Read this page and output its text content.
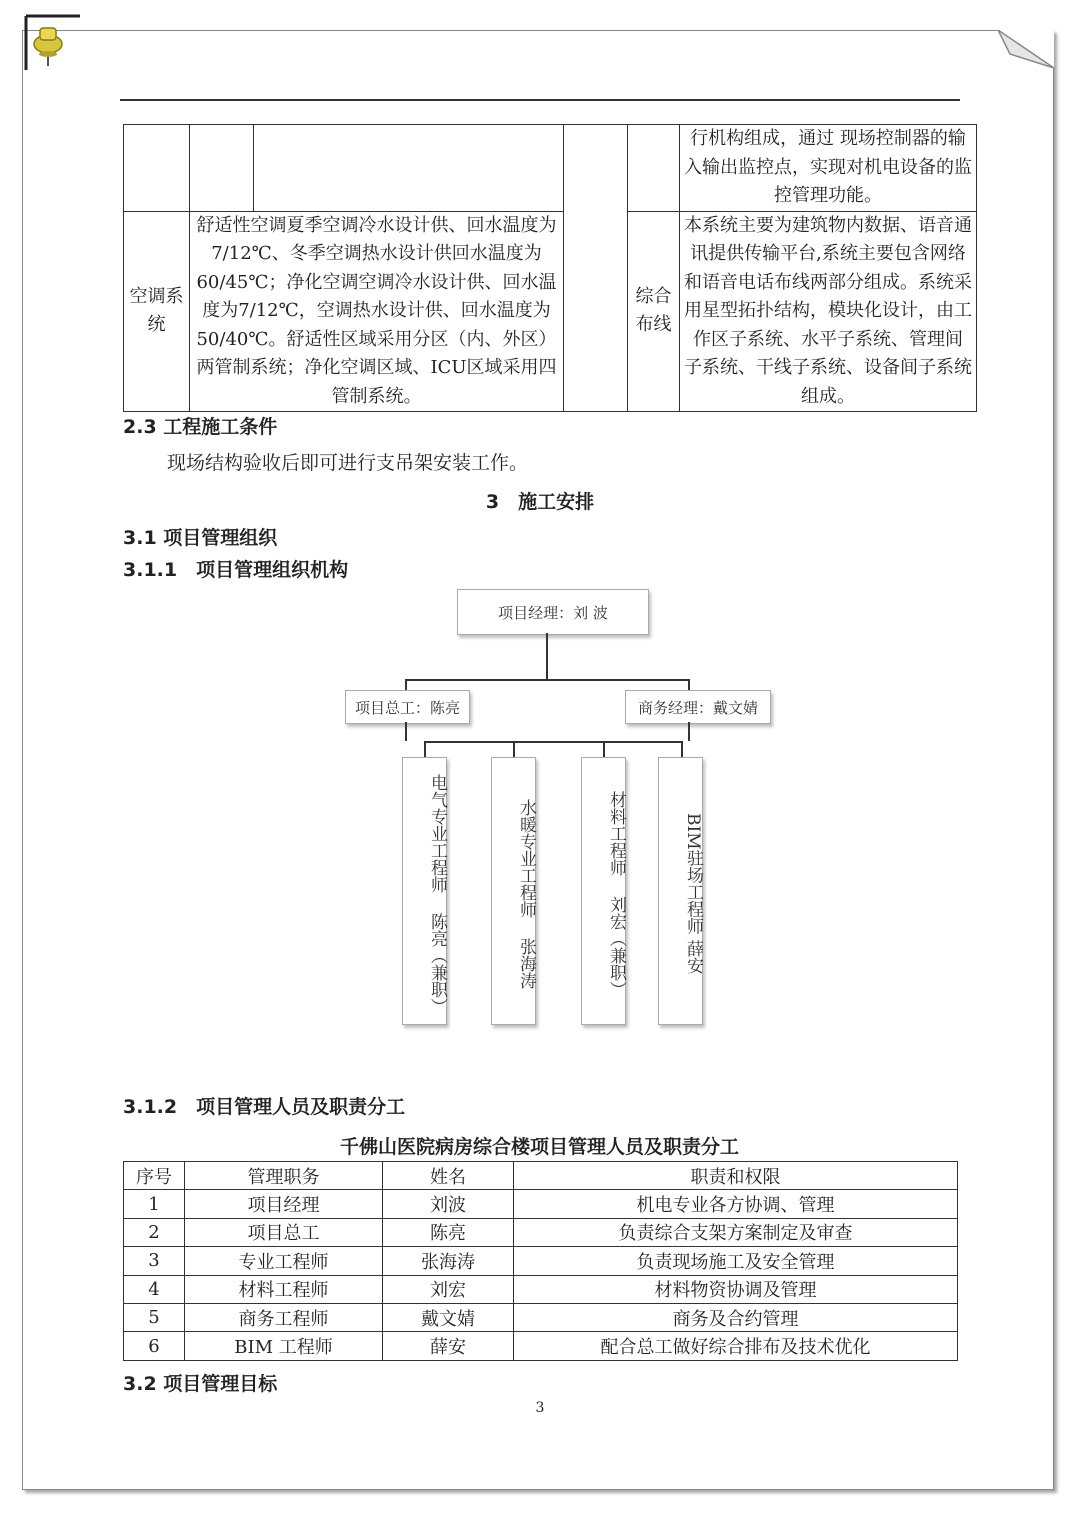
					行机构组成，通过 现场控制器的输入输出监控点，实现对机电设备的监控管理功能。
空调系统	舒适性空调夏季空调冷水设计供、回水温度为7/12℃、冬季空调热水设计供回水温度为60/45℃；净化空调空调冷水设计供、回水温度为7/12℃，空调热水设计供、回水温度为50/40℃。舒适性区域采用分区（内、外区）两管制系统；净化空调区域、ICU区域采用四管制系统。			综合布线	本系统主要为建筑物内数据、语音通讯提供传输平台,系统主要包含网络和语音电话布线两部分组成。系统采用星型拓扑结构，模块化设计，由工作区子系统、水平子系统、管理间 子系统、干线子系统、设备间子系统组成。
2.3 工程施工条件
现场结构验收后即可进行支吊架安装工作。
3　施工安排
3.1 项目管理组织
3.1.1　项目管理组织机构
项目经理：刘 波
项目总工：陈亮	商务经理：戴文婧
电气专业工程师 陈亮（兼职）	水暖专业工程师 张海涛	材料工程师 刘宏（兼职）	BIM驻场工程师 薛安
3.1.2　项目管理人员及职责分工
千佛山医院病房综合楼项目管理人员及职责分工
序号	管理职务	姓名	职责和权限
1	项目经理	刘波	机电专业各方协调、管理
2	项目总工	陈亮	负责综合支架方案制定及审查
3	专业工程师	张海涛	负责现场施工及安全管理
4	材料工程师	刘宏	材料物资协调及管理
5	商务工程师	戴文婧	商务及合约管理
6	BIM 工程师	薛安	配合总工做好综合排布及技术优化
3.2 项目管理目标
3
